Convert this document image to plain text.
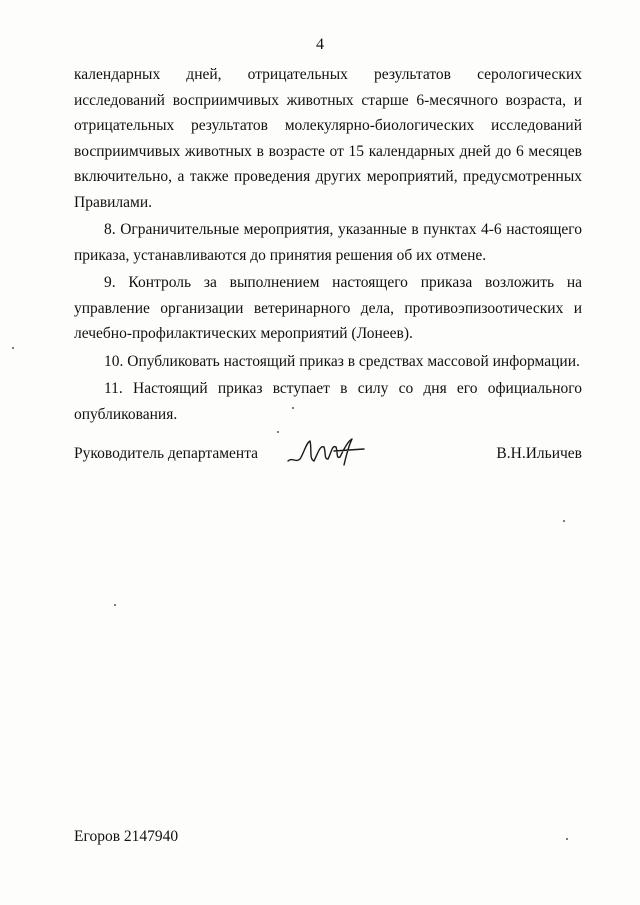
4

календарных дней, отрицательных результатов серологических исследований восприимчивых животных старше 6-месячного возраста, и отрицательных результатов молекулярно-биологических исследований восприимчивых животных в возрасте от 15 календарных дней до 6 месяцев включительно, а также проведения других мероприятий, предусмотренных Правилами.

8. Ограничительные мероприятия, указанные в пунктах 4-6 настоящего приказа, устанавливаются до принятия решения об их отмене.

9. Контроль за выполнением настоящего приказа возложить на управление организации ветеринарного дела, противоэпизоотических и лечебно-профилактических мероприятий (Лонеев).

10. Опубликовать настоящий приказ в средствах массовой информации.

11. Настоящий приказ вступает в силу со дня его официального опубликования.

Руководитель департамента	В.Н.Ильичев
Егоров 2147940
